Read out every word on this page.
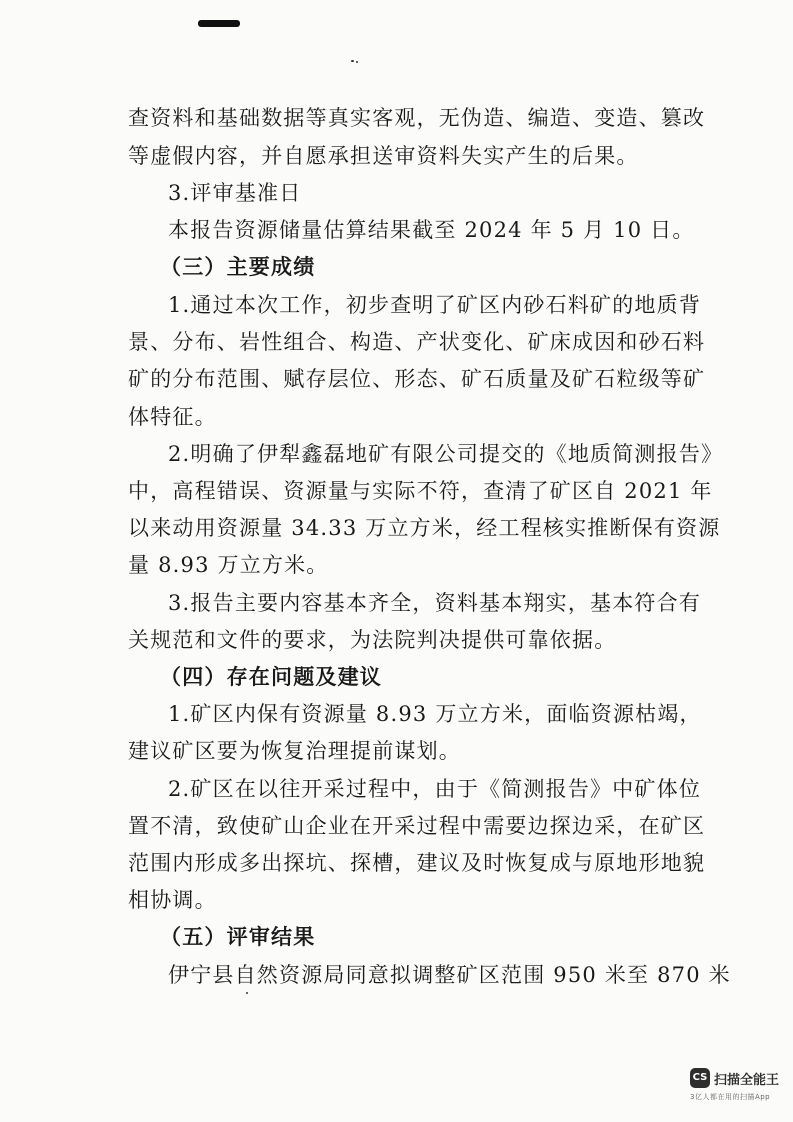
查资料和基础数据等真实客观，无伪造、编造、变造、篡改

等虚假内容，并自愿承担送审资料失实产生的后果。

3.评审基准日

本报告资源储量估算结果截至 2024 年 5 月 10 日。

（三）主要成绩

1.通过本次工作，初步查明了矿区内砂石料矿的地质背

景、分布、岩性组合、构造、产状变化、矿床成因和砂石料

矿的分布范围、赋存层位、形态、矿石质量及矿石粒级等矿

体特征。

2.明确了伊犁鑫磊地矿有限公司提交的《地质简测报告》

中，高程错误、资源量与实际不符，查清了矿区自 2021 年

以来动用资源量 34.33 万立方米，经工程核实推断保有资源

量 8.93 万立方米。

3.报告主要内容基本齐全，资料基本翔实，基本符合有

关规范和文件的要求，为法院判决提供可靠依据。

（四）存在问题及建议

1.矿区内保有资源量 8.93 万立方米，面临资源枯竭，

建议矿区要为恢复治理提前谋划。

2.矿区在以往开采过程中，由于《简测报告》中矿体位

置不清，致使矿山企业在开采过程中需要边探边采，在矿区

范围内形成多出探坑、探槽，建议及时恢复成与原地形地貌

相协调。

（五）评审结果

伊宁县自然资源局同意拟调整矿区范围 950 米至 870 米

CS 扫描全能王
3亿人都在用的扫描App
